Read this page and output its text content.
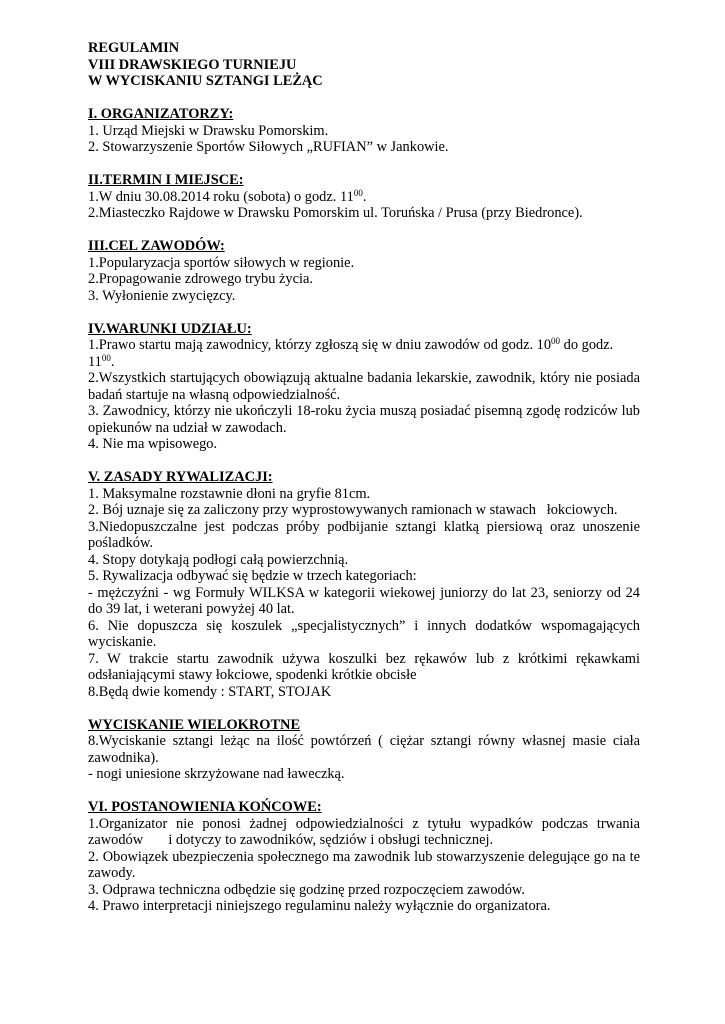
REGULAMIN
VIII DRAWSKIEGO TURNIEJU
W WYCISKANIU SZTANGI LEŻĄC
I. ORGANIZATORZY:
1. Urząd Miejski w Drawsku Pomorskim.
2. Stowarzyszenie Sportów Siłowych „RUFIAN” w Jankowie.
II.TERMIN I MIEJSCE:
1.W dniu 30.08.2014 roku (sobota) o godz. $11^{00}$.
2.Miasteczko Rajdowe w Drawsku Pomorskim ul. Toruńska / Prusa (przy Biedronce).
III.CEL ZAWODÓW:
1.Popularyzacja sportów siłowych w regionie.
2.Propagowanie zdrowego trybu życia.
3. Wyłonienie zwycięzcy.
IV.WARUNKI UDZIAŁU:
1.Prawo startu mają zawodnicy, którzy zgłoszą się w dniu zawodów od godz. $10^{00}$ do godz.
$11^{00}$.
2.Wszystkich startujących obowiązują aktualne badania lekarskie, zawodnik, który nie posiada badań startuje na własną odpowiedzialność.
3. Zawodnicy, którzy nie ukończyli 18-roku życia muszą posiadać pisemną zgodę rodziców lub opiekunów na udział w zawodach.
4. Nie ma wpisowego.
V. ZASADY RYWALIZACJI:
1. Maksymalne rozstawnie dłoni na gryfie 81cm.
2. Bój uznaje się za zaliczony przy wyprostowywanych ramionach w stawach   łokciowych.
3.Niedopuszczalne jest podczas próby podbijanie sztangi klatką piersiową oraz unoszenie pośladków.
4. Stopy dotykają podłogi całą powierzchnią.
5. Rywalizacja odbywać się będzie w trzech kategoriach:
- mężczyźni - wg Formuły WILKSA w kategorii wiekowej juniorzy do lat 23, seniorzy od 24 do 39 lat, i weterani powyżej 40 lat.
6. Nie dopuszcza się koszulek „specjalistycznych” i innych dodatków wspomagających wyciskanie.
7. W trakcie startu zawodnik używa koszulki bez rękawów lub z krótkimi rękawkami odsłaniającymi stawy łokciowe, spodenki krótkie obcisłe
8.Będą dwie komendy : START, STOJAK
WYCISKANIE WIELOKROTNE
8.Wyciskanie sztangi leżąc na ilość powtórzeń ( ciężar sztangi równy własnej masie ciała zawodnika).
- nogi uniesione skrzyżowane nad ławeczką.
VI. POSTANOWIENIA KOŃCOWE:
1.Organizator nie ponosi żadnej odpowiedzialności z tytułu wypadków podczas trwania zawodów       i dotyczy to zawodników, sędziów i obsługi technicznej.
2. Obowiązek ubezpieczenia społecznego ma zawodnik lub stowarzyszenie delegujące go na te zawody.
3. Odprawa techniczna odbędzie się godzinę przed rozpoczęciem zawodów.
4. Prawo interpretacji niniejszego regulaminu należy wyłącznie do organizatora.
